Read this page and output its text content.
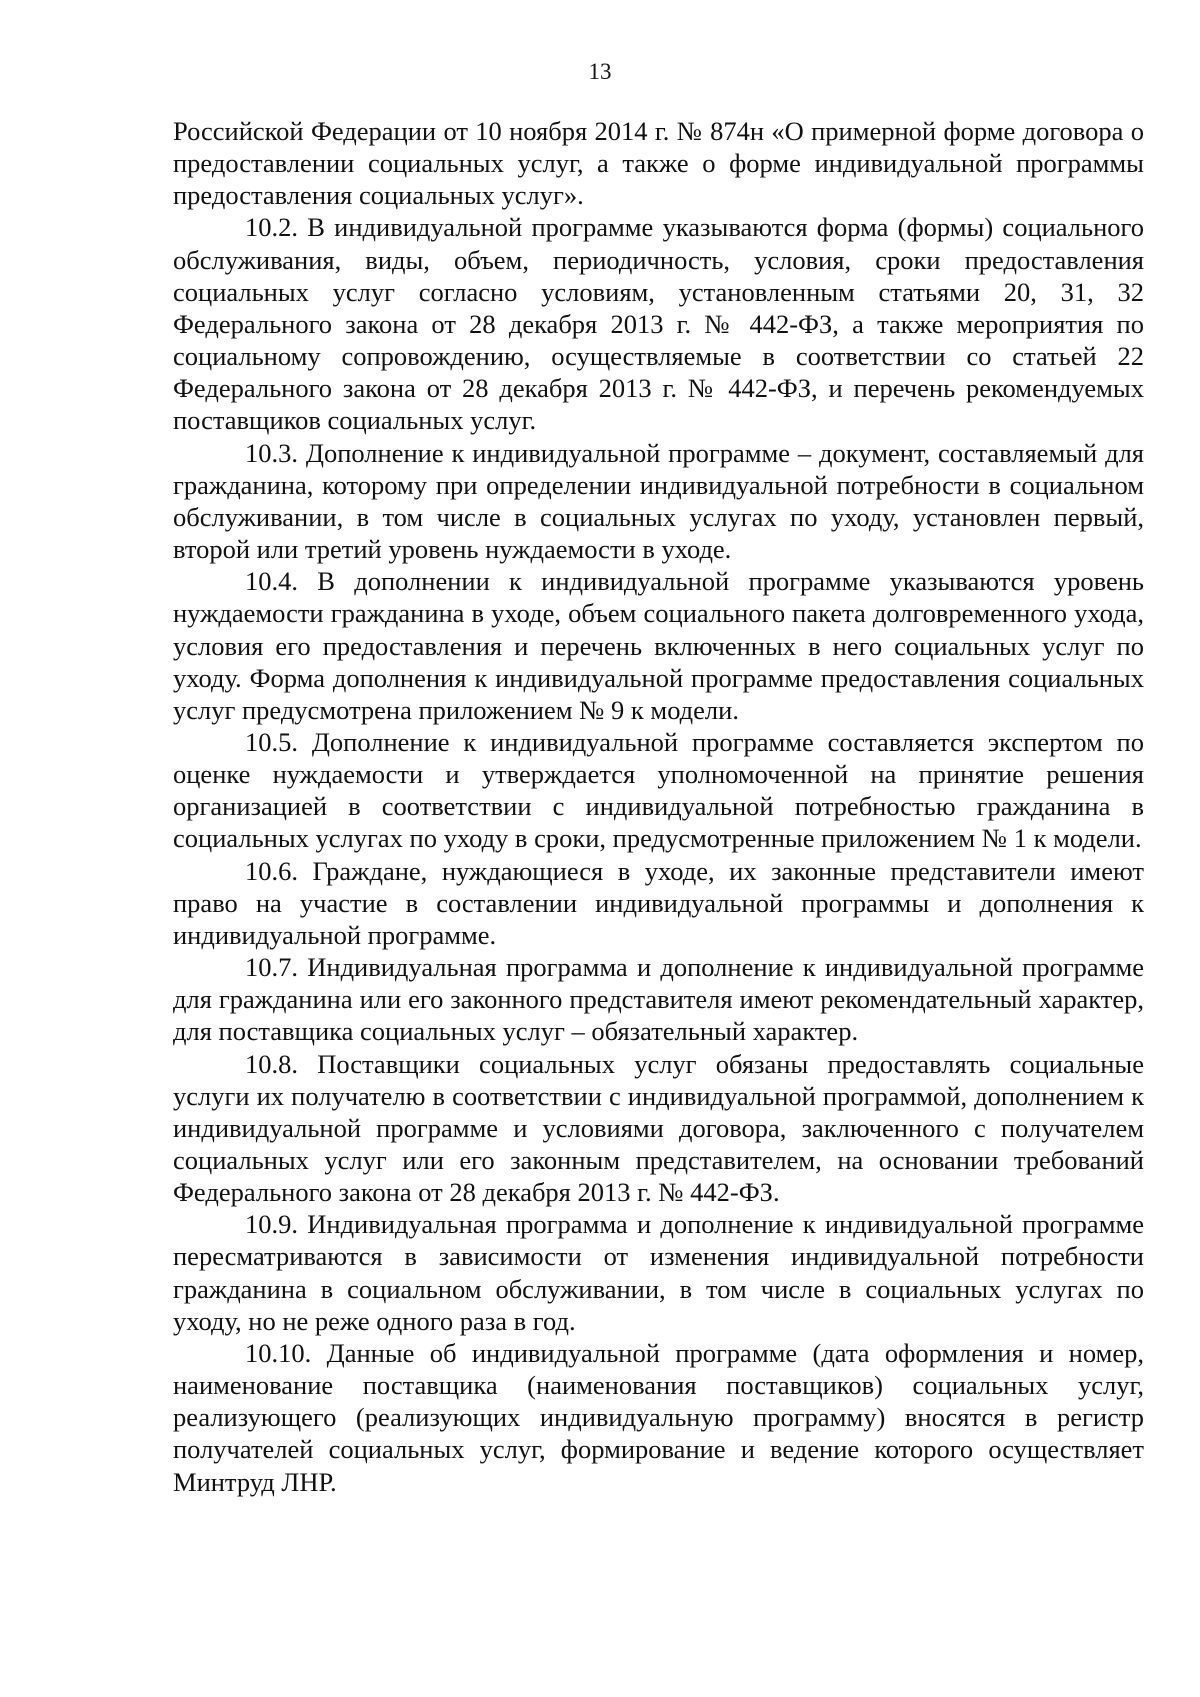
13

Российской Федерации от 10 ноября 2014 г. № 874н «О примерной форме договора о предоставлении социальных услуг, а также о форме индивидуальной программы предоставления социальных услуг».

10.2. В индивидуальной программе указываются форма (формы) социального обслуживания, виды, объем, периодичность, условия, сроки предоставления социальных услуг согласно условиям, установленным статьями 20, 31, 32 Федерального закона от 28 декабря 2013 г. № 442-ФЗ, а также мероприятия по социальному сопровождению, осуществляемые в соответствии со статьей 22 Федерального закона от 28 декабря 2013 г. № 442-ФЗ, и перечень рекомендуемых поставщиков социальных услуг.

10.3. Дополнение к индивидуальной программе – документ, составляемый для гражданина, которому при определении индивидуальной потребности в социальном обслуживании, в том числе в социальных услугах по уходу, установлен первый, второй или третий уровень нуждаемости в уходе.

10.4. В дополнении к индивидуальной программе указываются уровень нуждаемости гражданина в уходе, объем социального пакета долговременного ухода, условия его предоставления и перечень включенных в него социальных услуг по уходу. Форма дополнения к индивидуальной программе предоставления социальных услуг предусмотрена приложением № 9 к модели.

10.5. Дополнение к индивидуальной программе составляется экспертом по оценке нуждаемости и утверждается уполномоченной на принятие решения организацией в соответствии с индивидуальной потребностью гражданина в социальных услугах по уходу в сроки, предусмотренные приложением № 1 к модели.

10.6. Граждане, нуждающиеся в уходе, их законные представители имеют право на участие в составлении индивидуальной программы и дополнения к индивидуальной программе.

10.7. Индивидуальная программа и дополнение к индивидуальной программе для гражданина или его законного представителя имеют рекомендательный характер, для поставщика социальных услуг – обязательный характер.

10.8. Поставщики социальных услуг обязаны предоставлять социальные услуги их получателю в соответствии с индивидуальной программой, дополнением к индивидуальной программе и условиями договора, заключенного с получателем социальных услуг или его законным представителем, на основании требований Федерального закона от 28 декабря 2013 г. № 442-ФЗ.

10.9. Индивидуальная программа и дополнение к индивидуальной программе пересматриваются в зависимости от изменения индивидуальной потребности гражданина в социальном обслуживании, в том числе в социальных услугах по уходу, но не реже одного раза в год.

10.10. Данные об индивидуальной программе (дата оформления и номер, наименование поставщика (наименования поставщиков) социальных услуг, реализующего (реализующих индивидуальную программу) вносятся в регистр получателей социальных услуг, формирование и ведение которого осуществляет Минтруд ЛНР.
